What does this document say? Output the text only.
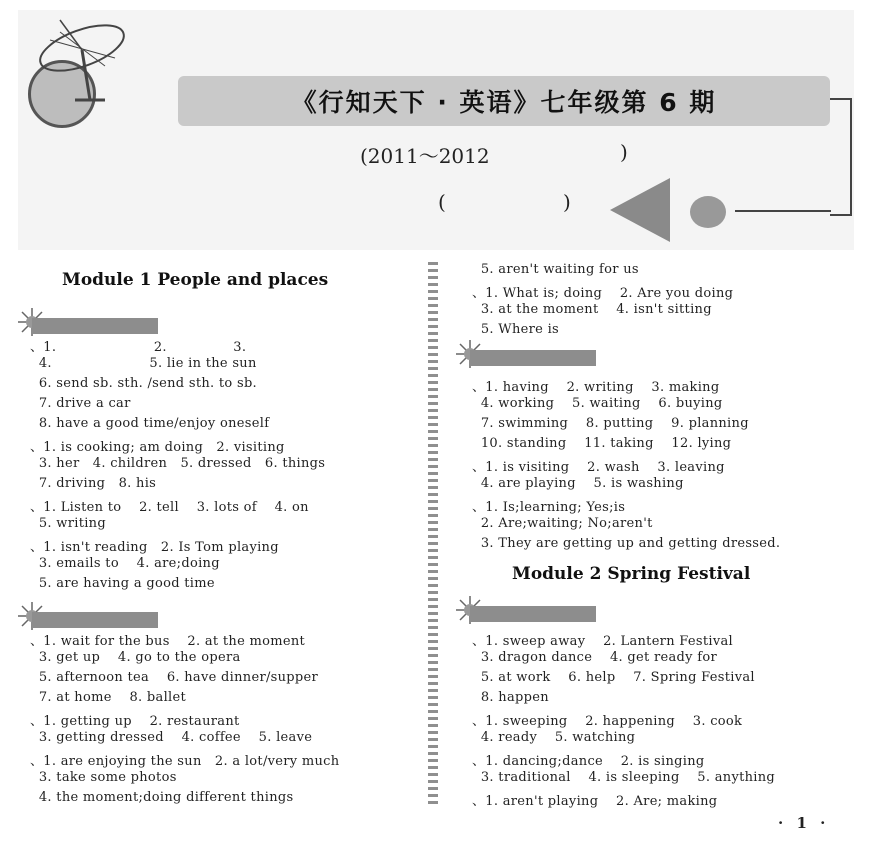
《行知天下 · 英语》七年级第 6 期
(2011～2012	)
(	)
Module 1 People and places
、1.                      2.               3.
4.                      5. lie in the sun
6. send sb. sth. /send sth. to sb.
7. drive a car
8. have a good time/enjoy oneself
、1. is cooking; am doing   2. visiting
3. her   4. children   5. dressed   6. things
7. driving   8. his
、1. Listen to    2. tell    3. lots of    4. on
5. writing
、1. isn't reading   2. Is Tom playing
3. emails to    4. are;doing
5. are having a good time
、1. wait for the bus    2. at the moment
3. get up    4. go to the opera
5. afternoon tea    6. have dinner/supper
7. at home    8. ballet
、1. getting up    2. restaurant
3. getting dressed    4. coffee    5. leave
、1. are enjoying the sun   2. a lot/very much
3. take some photos
4. the moment;doing different things
5. aren't waiting for us
、1. What is; doing    2. Are you doing
3. at the moment    4. isn't sitting
5. Where is
、1. having    2. writing    3. making
4. working    5. waiting    6. buying
7. swimming    8. putting    9. planning
10. standing    11. taking    12. lying
、1. is visiting    2. wash    3. leaving
4. are playing    5. is washing
、1. Is;learning; Yes;is
2. Are;waiting; No;aren't
3. They are getting up and getting dressed.
Module 2 Spring Festival
、1. sweep away    2. Lantern Festival
3. dragon dance    4. get ready for
5. at work    6. help    7. Spring Festival
8. happen
、1. sweeping    2. happening    3. cook
4. ready    5. watching
、1. dancing;dance    2. is singing
3. traditional    4. is sleeping    5. anything
、1. aren't playing    2. Are; making
· 1 ·
